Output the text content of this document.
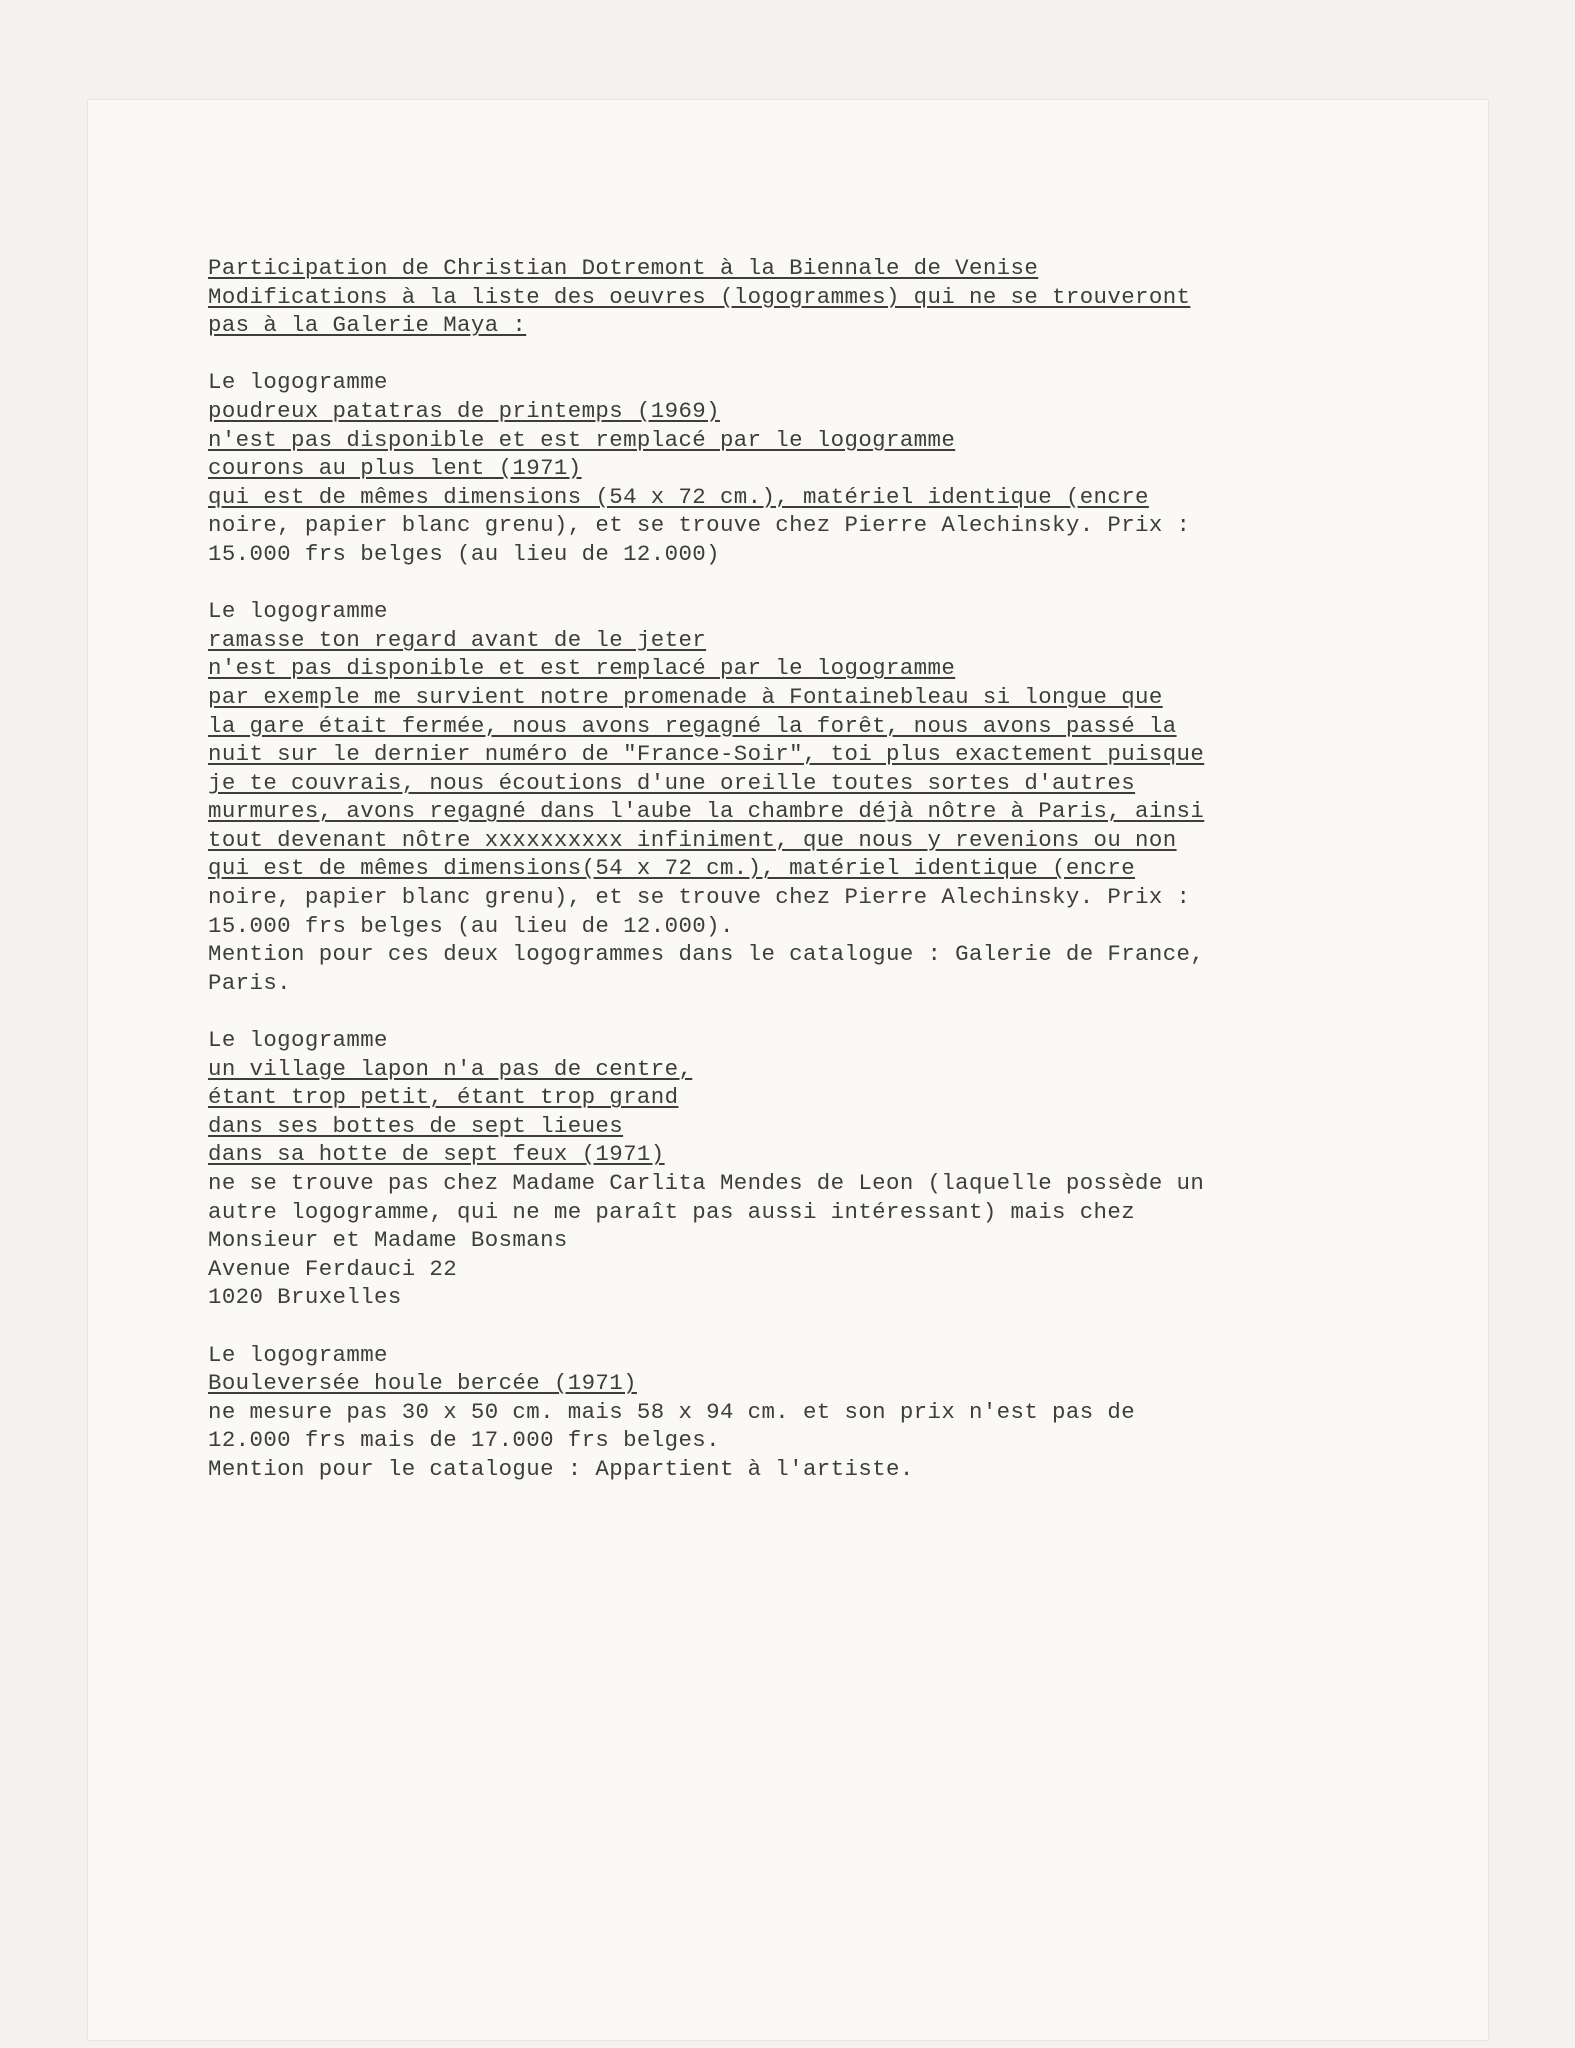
Participation de Christian Dotremont à la Biennale de Venise
Modifications à la liste des oeuvres (logogrammes) qui ne se trouveront
pas à la Galerie Maya :
Le logogramme
poudreux patatras de printemps (1969)
n'est pas disponible et est remplacé par le logogramme
courons au plus lent (1971)
qui est de mêmes dimensions (54 x 72 cm.), matériel identique (encre
noire, papier blanc grenu), et se trouve chez Pierre Alechinsky. Prix :
15.000 frs belges (au lieu de 12.000)
Le logogramme
ramasse ton regard avant de le jeter
n'est pas disponible et est remplacé par le logogramme
par exemple me survient notre promenade à Fontainebleau si longue que
la gare était fermée, nous avons regagné la forêt, nous avons passé la
nuit sur le dernier numéro de "France-Soir", toi plus exactement puisque
je te couvrais, nous écoutions d'une oreille toutes sortes d'autres
murmures, avons regagné dans l'aube la chambre déjà nôtre à Paris, ainsi
tout devenant nôtre xxxxxxxxxx infiniment, que nous y revenions ou non
qui est de mêmes dimensions(54 x 72 cm.), matériel identique (encre
noire, papier blanc grenu), et se trouve chez Pierre Alechinsky. Prix :
15.000 frs belges (au lieu de 12.000).
Mention pour ces deux logogrammes dans le catalogue : Galerie de France,
Paris.
Le logogramme
un village lapon n'a pas de centre,
étant trop petit, étant trop grand
dans ses bottes de sept lieues
dans sa hotte de sept feux (1971)
ne se trouve pas chez Madame Carlita Mendes de Leon (laquelle possède un
autre logogramme, qui ne me paraît pas aussi intéressant) mais chez
Monsieur et Madame Bosmans
Avenue Ferdauci 22
1020 Bruxelles
Le logogramme
Bouleversée houle bercée (1971)
ne mesure pas 30 x 50 cm. mais 58 x 94 cm. et son prix n'est pas de
12.000 frs mais de 17.000 frs belges.
Mention pour le catalogue : Appartient à l'artiste.
